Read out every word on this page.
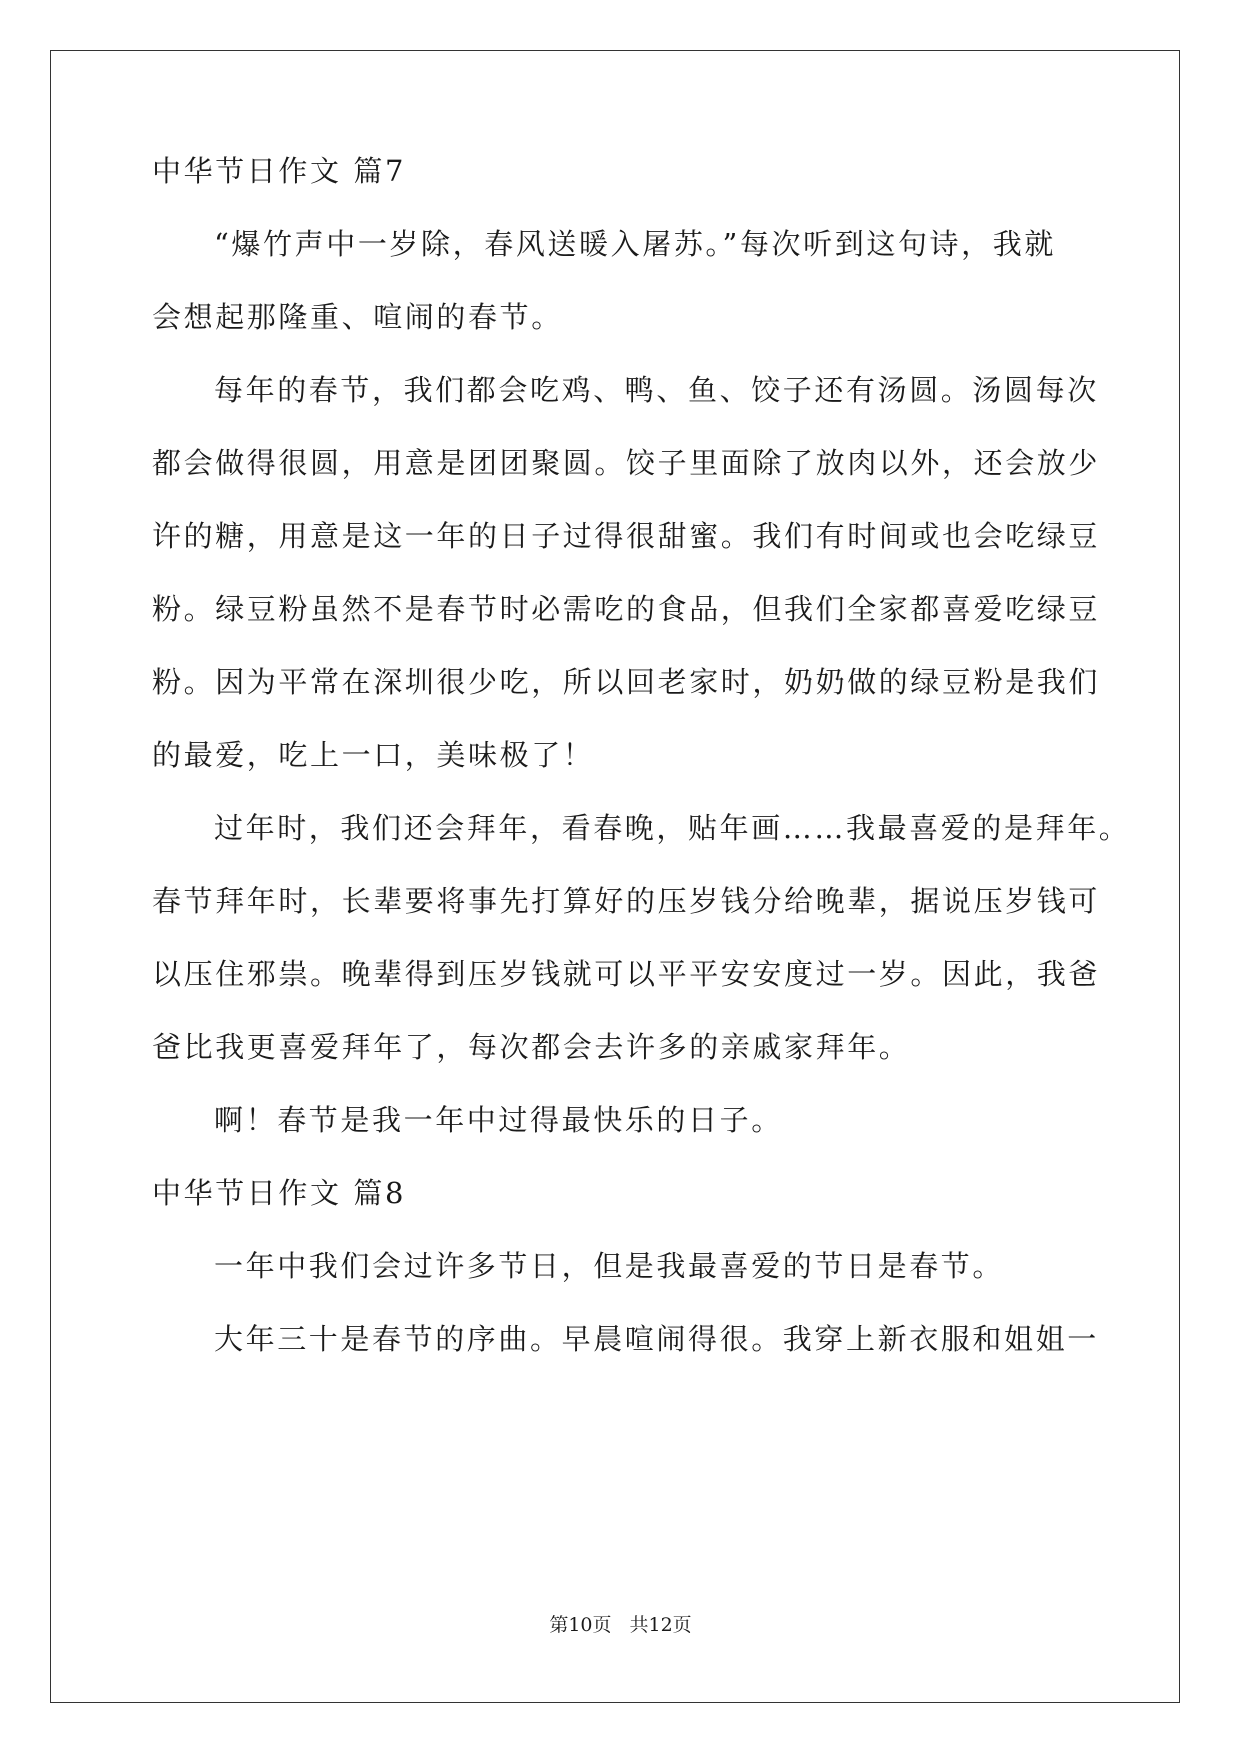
中华节日作文 篇7
“爆竹声中一岁除，春风送暖入屠苏。”每次听到这句诗，我就
会想起那隆重、喧闹的春节。
每年的春节，我们都会吃鸡、鸭、鱼、饺子还有汤圆。汤圆每次
都会做得很圆，用意是团团聚圆。饺子里面除了放肉以外，还会放少
许的糖，用意是这一年的日子过得很甜蜜。我们有时间或也会吃绿豆
粉。绿豆粉虽然不是春节时必需吃的食品，但我们全家都喜爱吃绿豆
粉。因为平常在深圳很少吃，所以回老家时，奶奶做的绿豆粉是我们
的最爱，吃上一口，美味极了！
过年时，我们还会拜年，看春晚，贴年画……我最喜爱的是拜年。
春节拜年时，长辈要将事先打算好的压岁钱分给晚辈，据说压岁钱可
以压住邪祟。晚辈得到压岁钱就可以平平安安度过一岁。因此，我爸
爸比我更喜爱拜年了，每次都会去许多的亲戚家拜年。
啊！春节是我一年中过得最快乐的日子。
中华节日作文 篇8
一年中我们会过许多节日，但是我最喜爱的节日是春节。
大年三十是春节的序曲。早晨喧闹得很。我穿上新衣服和姐姐一
第10页 共12页
